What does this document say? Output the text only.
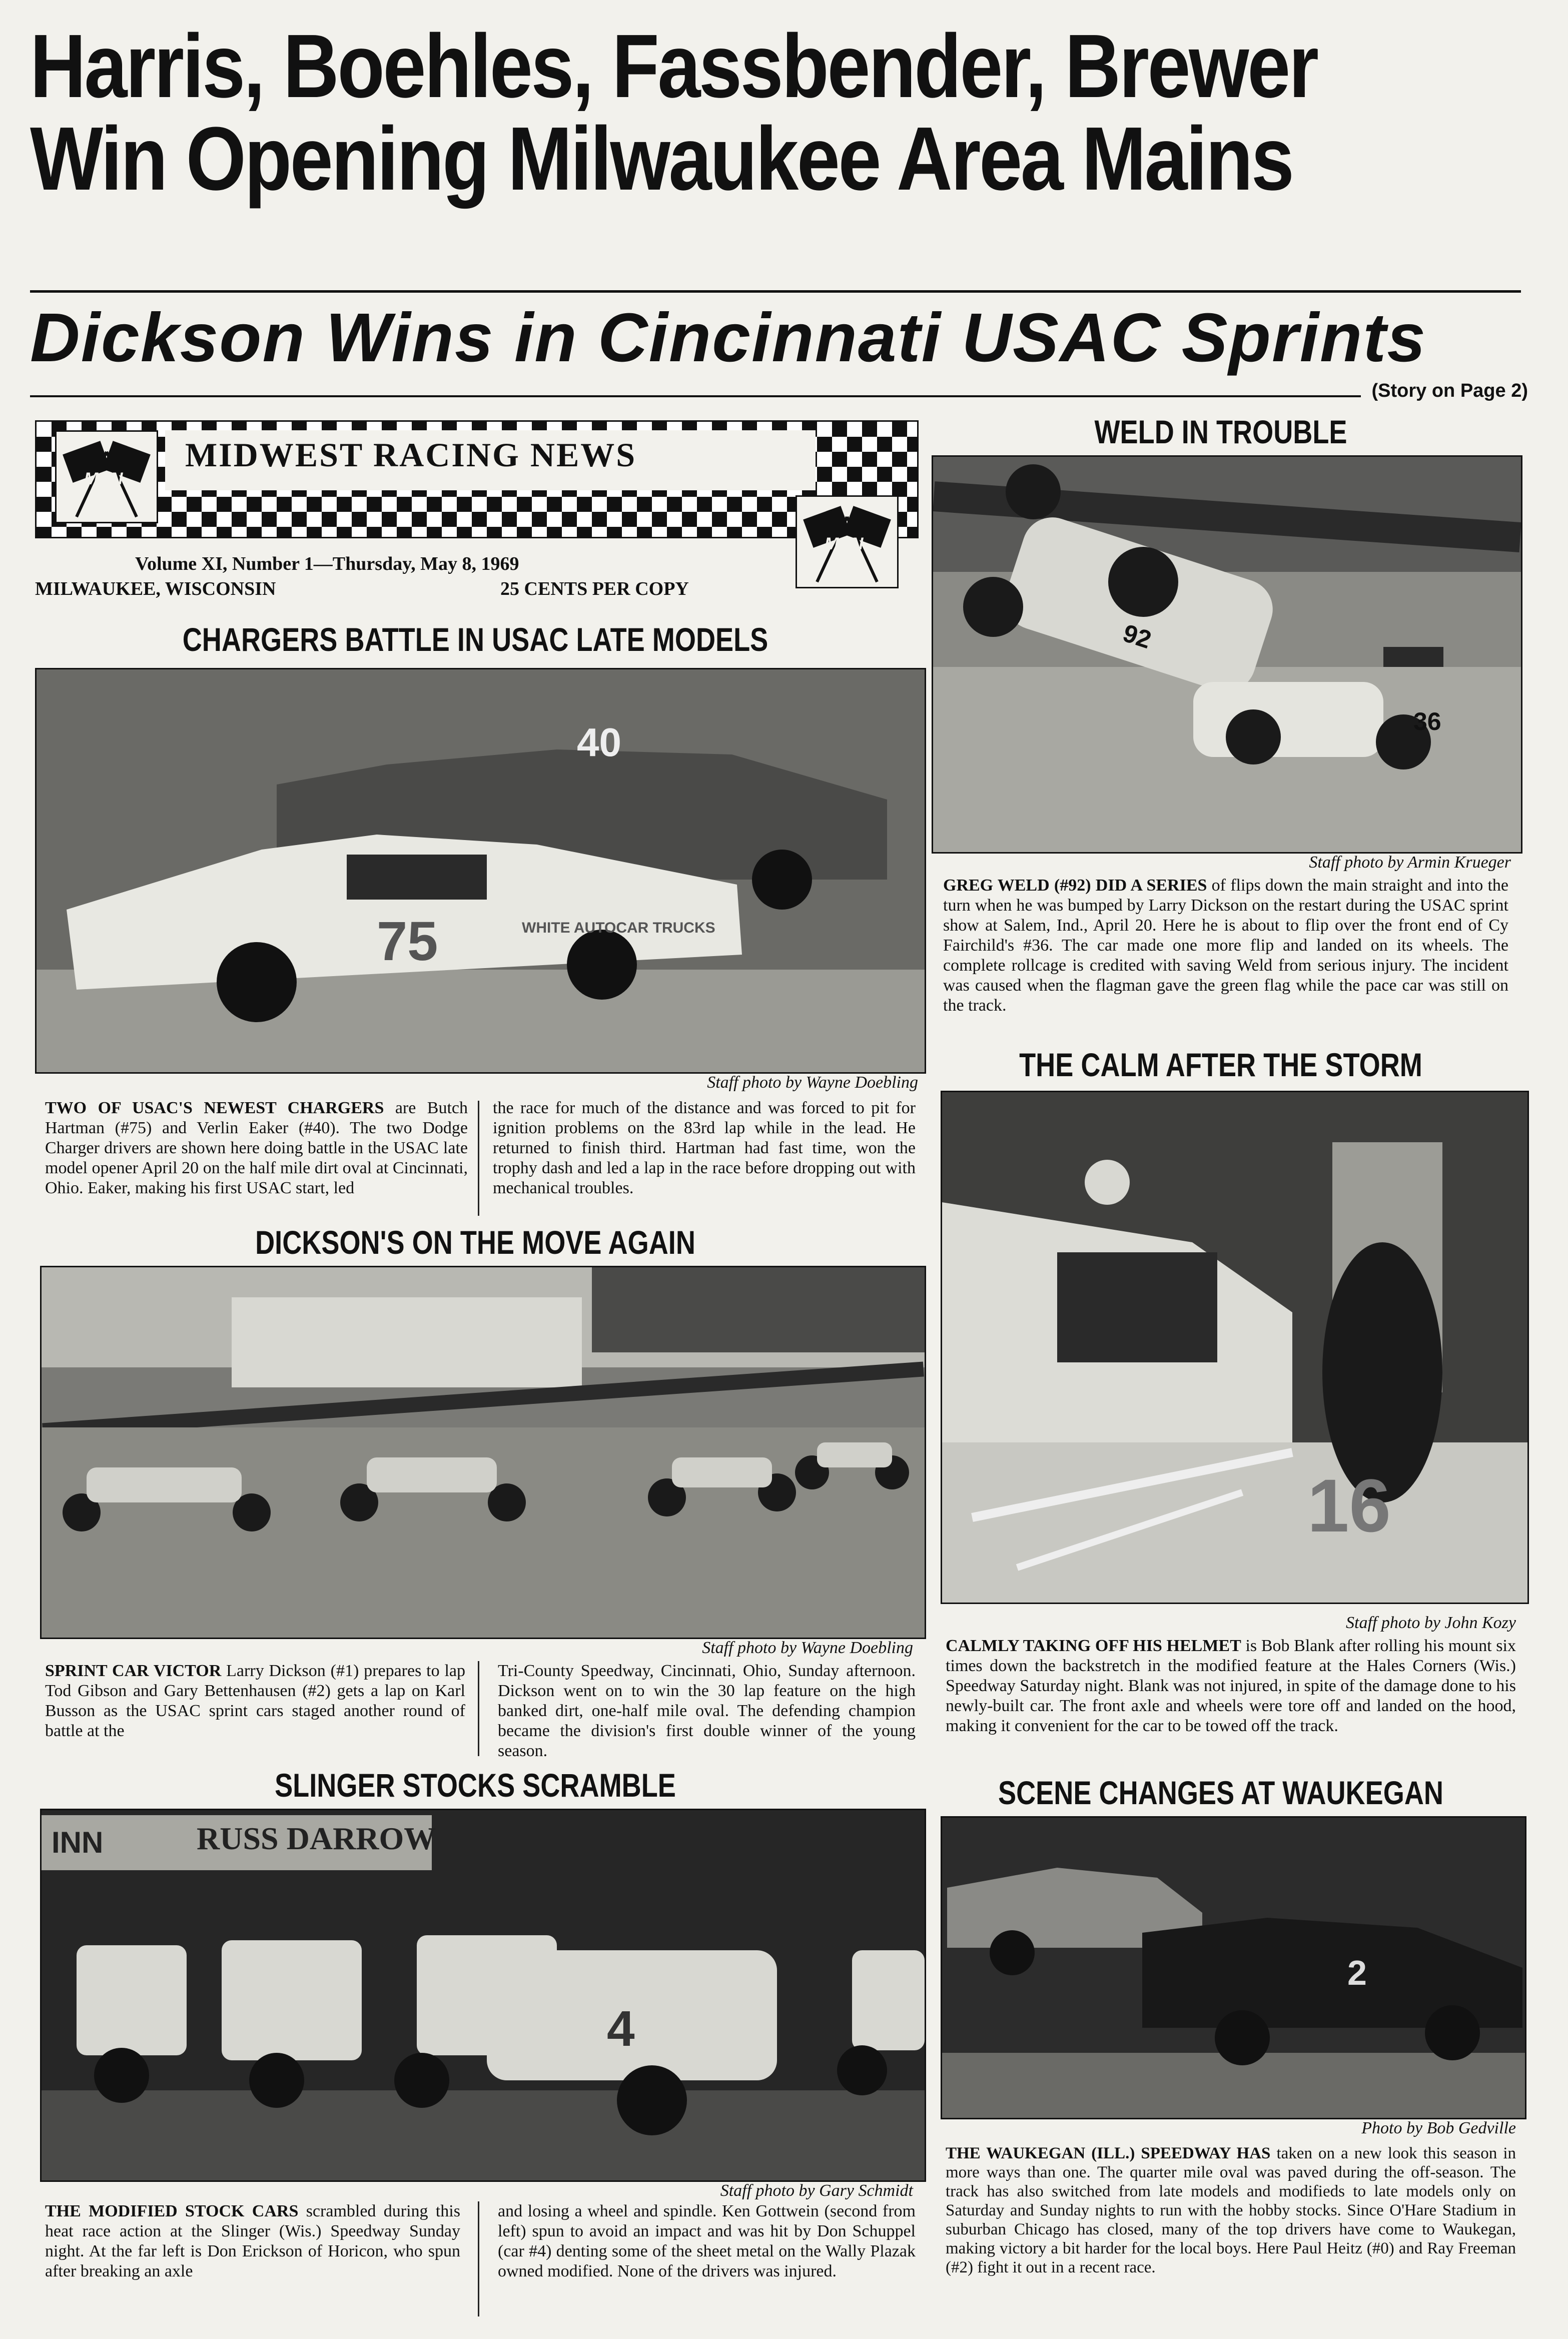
Harris, Boehles, Fassbender, Brewer
Win Opening Milwaukee Area Mains
Dickson Wins in Cincinnati USAC Sprints
(Story on Page 2)
MIDWEST RACING NEWS
MRN
MRN
Volume XI, Number 1—Thursday, May 8, 1969
MILWAUKEE, WISCONSIN	25 CENTS PER COPY
WELD IN TROUBLE
92
36
Staff photo by Armin Krueger
GREG WELD (#92) DID A SERIES of flips down the main straight and into the turn when he was bumped by Larry Dickson on the restart during the USAC sprint show at Salem, Ind., April 20. Here he is about to flip over the front end of Cy Fairchild's #36. The car made one more flip and landed on its wheels. The complete rollcage is credited with saving Weld from serious injury. The incident was caused when the flagman gave the green flag while the pace car was still on the track.
CHARGERS BATTLE IN USAC LATE MODELS
40
75	WHITE AUTOCAR TRUCKS
Staff photo by Wayne Doebling
TWO OF USAC'S NEWEST CHARGERS are Butch Hartman (#75) and Verlin Eaker (#40). The two Dodge Charger drivers are shown here doing battle in the USAC late model opener April 20 on the half mile dirt oval at Cincinnati, Ohio. Eaker, making his first USAC start, led
the race for much of the distance and was forced to pit for ignition problems on the 83rd lap while in the lead. He returned to finish third. Hartman had fast time, won the trophy dash and led a lap in the race before dropping out with mechanical troubles.
THE CALM AFTER THE STORM
16
Staff photo by John Kozy
CALMLY TAKING OFF HIS HELMET is Bob Blank after rolling his mount six times down the backstretch in the modified feature at the Hales Corners (Wis.) Speedway Saturday night. Blank was not injured, in spite of the damage done to his newly-built car. The front axle and wheels were tore off and landed on the hood, making it convenient for the car to be towed off the track.
DICKSON'S ON THE MOVE AGAIN
Staff photo by Wayne Doebling
SPRINT CAR VICTOR Larry Dickson (#1) prepares to lap Tod Gibson and Gary Bettenhausen (#2) gets a lap on Karl Busson as the USAC sprint cars staged another round of battle at the
Tri-County Speedway, Cincinnati, Ohio, Sunday afternoon. Dickson went on to win the 30 lap feature on the high banked dirt, one-half mile oval. The defending champion became the division's first double winner of the young season.
SLINGER STOCKS SCRAMBLE
INN	RUSS DARROW
4
Staff photo by Gary Schmidt
THE MODIFIED STOCK CARS scrambled during this heat race action at the Slinger (Wis.) Speedway Sunday night. At the far left is Don Erickson of Horicon, who spun after breaking an axle
and losing a wheel and spindle. Ken Gottwein (second from left) spun to avoid an impact and was hit by Don Schuppel (car #4) denting some of the sheet metal on the Wally Plazak owned modified. None of the drivers was injured.
SCENE CHANGES AT WAUKEGAN
2
Photo by Bob Gedville
THE WAUKEGAN (ILL.) SPEEDWAY HAS taken on a new look this season in more ways than one. The quarter mile oval was paved during the off-season. The track has also switched from late models and modifieds to late models only on Saturday and Sunday nights to run with the hobby stocks. Since O'Hare Stadium in suburban Chicago has closed, many of the top drivers have come to Waukegan, making victory a bit harder for the local boys. Here Paul Heitz (#0) and Ray Freeman (#2) fight it out in a recent race.
